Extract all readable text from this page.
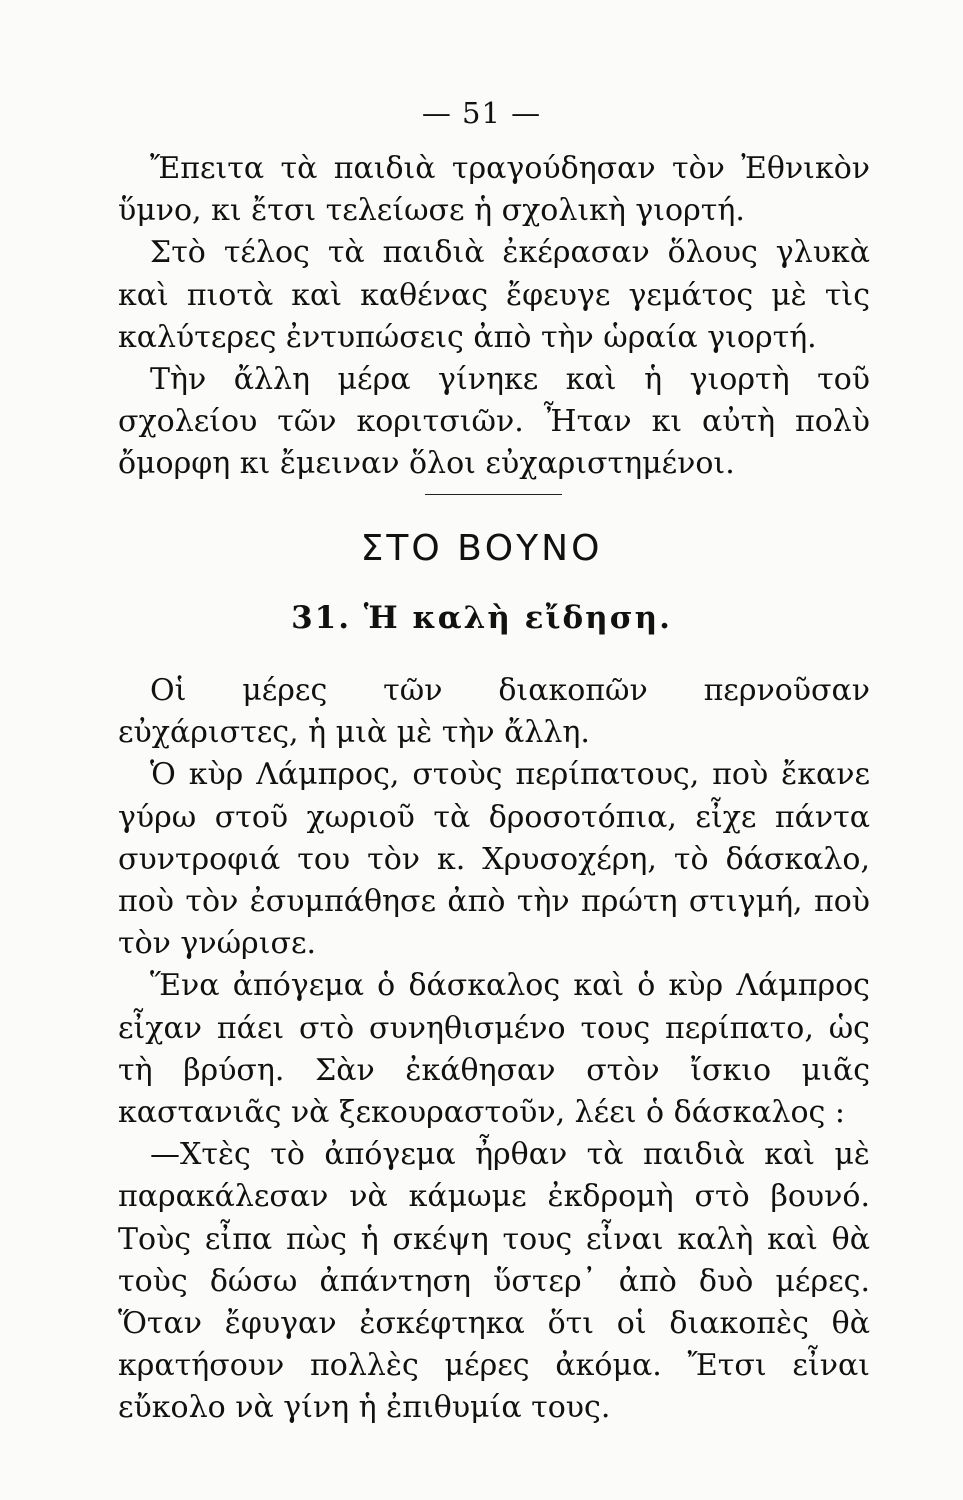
— 51 —

Ἔπειτα τὰ παιδιὰ τραγούδησαν τὸν Ἐθνικὸν ὕμνο, κι ἔτσι τελείωσε ἡ σχολικὴ γιορτή.

Στὸ τέλος τὰ παιδιὰ ἐκέρασαν ὅλους γλυκὰ καὶ πιοτὰ καὶ καθένας ἔφευγε γεμάτος μὲ τὶς καλύτερες ἐντυπώσεις ἀπὸ τὴν ὡραία γιορτή.

Τὴν ἄλλη μέρα γίνηκε καὶ ἡ γιορτὴ τοῦ σχολείου τῶν κοριτσιῶν. Ἦταν κι αὐτὴ πολὺ ὄμορφη κι ἔμειναν ὅλοι εὐχαριστημένοι.

ΣΤΟ ΒΟΥΝΟ
31. Ἡ καλὴ εἴδηση.

Οἱ μέρες τῶν διακοπῶν περνοῦσαν εὐχάριστες, ἡ μιὰ μὲ τὴν ἄλλη.

Ὁ κὺρ Λάμπρος, στοὺς περίπατους, ποὺ ἔκανε γύρω στοῦ χωριοῦ τὰ δροσοτόπια, εἶχε πάντα συντροφιά του τὸν κ. Χρυσοχέρη, τὸ δάσκαλο, ποὺ τὸν ἐσυμπάθησε ἀπὸ τὴν πρώτη στιγμή, ποὺ τὸν γνώρισε.

Ἕνα ἀπόγεμα ὁ δάσκαλος καὶ ὁ κὺρ Λάμπρος εἶχαν πάει στὸ συνηθισμένο τους περίπατο, ὡς τὴ βρύση. Σὰν ἐκάθησαν στὸν ἴσκιο μιᾶς καστανιᾶς νὰ ξεκουραστοῦν, λέει ὁ δάσκαλος :

—Χτὲς τὸ ἀπόγεμα ἦρθαν τὰ παιδιὰ καὶ μὲ παρακάλεσαν νὰ κάμωμε ἐκδρομὴ στὸ βουνό. Τοὺς εἶπα πὼς ἡ σκέψη τους εἶναι καλὴ καὶ θὰ τοὺς δώσω ἀπάντηση ὕστερ᾽ ἀπὸ δυὸ μέρες. Ὅταν ἔφυγαν ἐσκέφτηκα ὅτι οἱ διακοπὲς θὰ κρατήσουν πολλὲς μέρες ἀκόμα. Ἔτσι εἶναι εὔκολο νὰ γίνη ἡ ἐπιθυμία τους.
